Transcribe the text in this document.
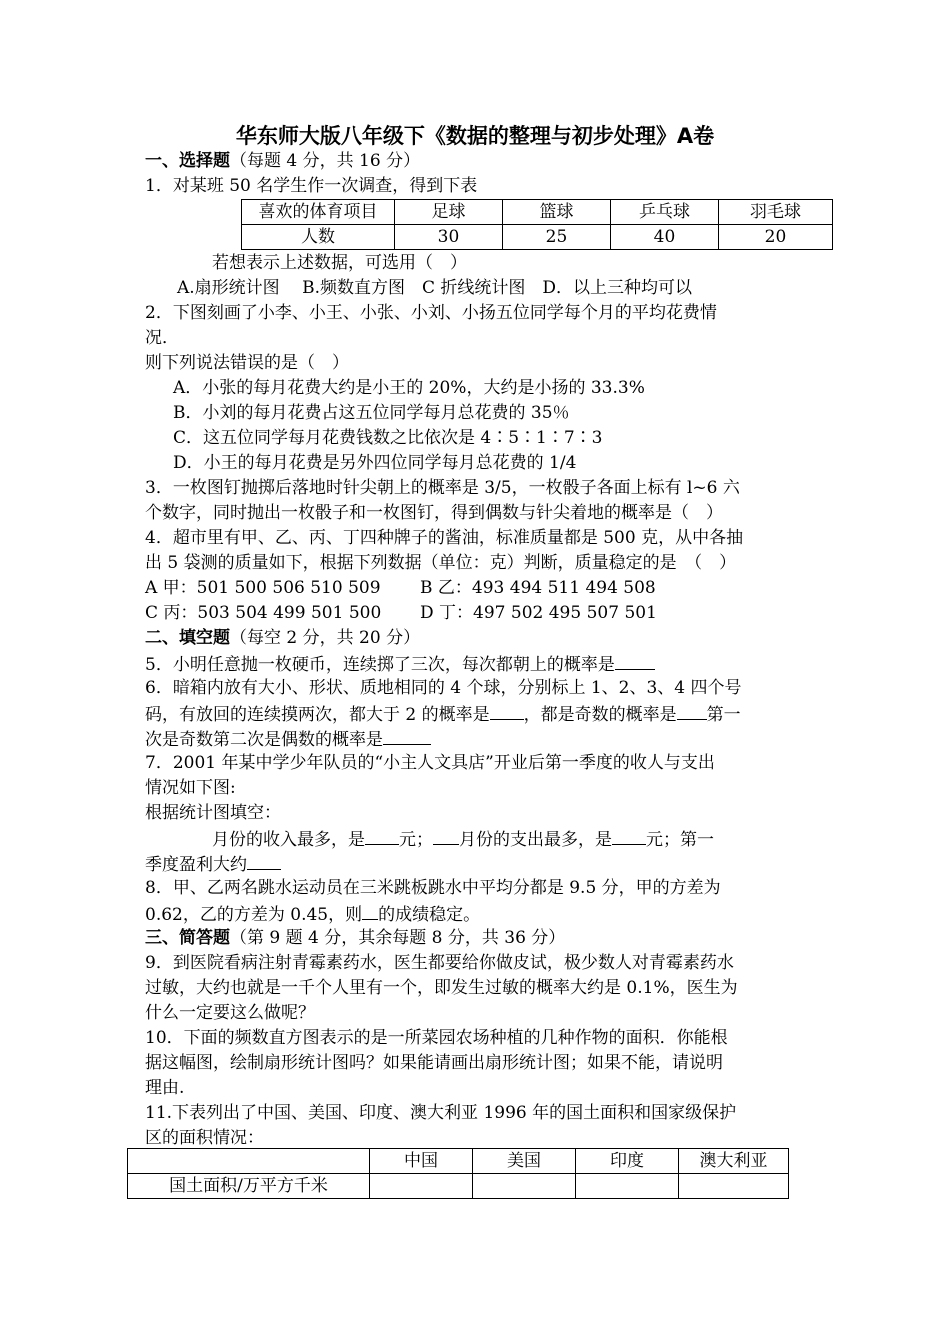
华东师大版八年级下《数据的整理与初步处理》A卷
一、选择题（每题 4 分，共 16 分）
1．对某班 50 名学生作一次调查，得到下表
喜欢的体育项目	足球	篮球	乒乓球	羽毛球
人数	30	25	40	20
若想表示上述数据，可选用（　）
A.扇形统计图　 B.频数直方图　C 折线统计图　D．以上三种均可以
2．下图刻画了小李、小王、小张、小刘、小扬五位同学每个月的平均花费情
况．
则下列说法错误的是（　）
A．小张的每月花费大约是小王的 20%，大约是小扬的 33.3%
B．小刘的每月花费占这五位同学每月总花费的 35％
C．这五位同学每月花费钱数之比依次是 4∶5∶1∶7∶3
D．小王的每月花费是另外四位同学每月总花费的 1/4
3．一枚图钉抛掷后落地时针尖朝上的概率是 3/5，一枚骰子各面上标有 l~6 六
个数字，同时抛出一枚骰子和一枚图钉，得到偶数与针尖着地的概率是（　）
4．超市里有甲、乙、丙、丁四种牌子的酱油，标准质量都是 500 克，从中各抽
出 5 袋测的质量如下，根据下列数据（单位：克）判断，质量稳定的是　（　）
A 甲：501 500 506 510 509 B 乙：493 494 511 494 508
C 丙：503 504 499 501 500 D 丁：497 502 495 507 501
二、填空题（每空 2 分，共 20 分）
5．小明任意抛一枚硬币，连续掷了三次，每次都朝上的概率是
6．暗箱内放有大小、形状、质地相同的 4 个球，分别标上 1、2、3、4 四个号
码，有放回的连续摸两次，都大于 2 的概率是 ，都是奇数的概率是 第一
次是奇数第二次是偶数的概率是
7．2001 年某中学少年队员的“小主人文具店”开业后第一季度的收人与支出
情况如下图:
根据统计图填空：
月份的收入最多，是 元； 月份的支出最多，是 元；第一
季度盈利大约
8．甲、乙两名跳水运动员在三米跳板跳水中平均分都是 9.5 分，甲的方差为
0.62，乙的方差为 0.45，则 的成绩稳定。
三、简答题（第 9 题 4 分，其余每题 8 分，共 36 分）
9．到医院看病注射青霉素药水，医生都要给你做皮试，极少数人对青霉素药水
过敏，大约也就是一千个人里有一个，即发生过敏的概率大约是 0.1%，医生为
什么一定要这么做呢？
10．下面的频数直方图表示的是一所菜园农场种植的几种作物的面积．你能根
据这幅图，绘制扇形统计图吗？如果能请画出扇形统计图；如果不能，请说明
理由.
11.下表列出了中国、美国、印度、澳大利亚 1996 年的国土面积和国家级保护
区的面积情况：
	中国	美国	印度	澳大利亚
国土面积/万平方千米				
